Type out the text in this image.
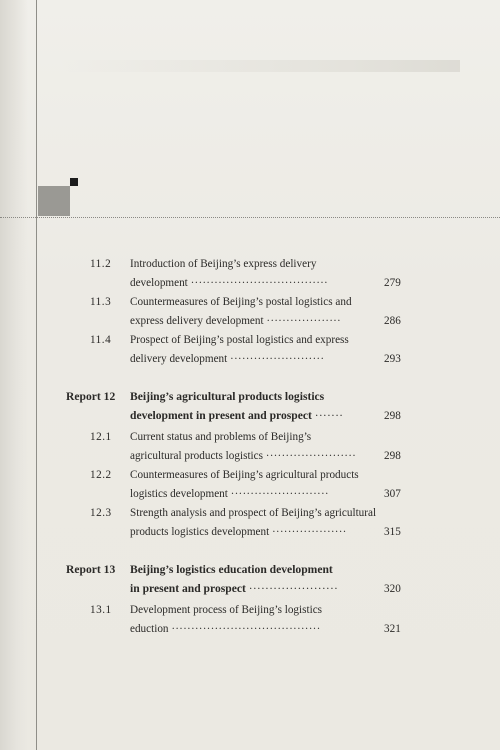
11.2 Introduction of Beijing’s express delivery
development ···································	279
11.3 Countermeasures of Beijing’s postal logistics and
express delivery development ···················	286
11.4 Prospect of Beijing’s postal logistics and express
delivery development ························	293
Report 12 Beijing’s agricultural products logistics
development in present and prospect ·······	298
12.1 Current status and problems of Beijing’s
agricultural products logistics ······················· 298
12.2 Countermeasures of Beijing’s agricultural products
logistics development ·························	307
12.3 Strength analysis and prospect of Beijing’s agricultural
products logistics development ···················	315
Report 13 Beijing’s logistics education development
in present and prospect ······················	320
13.1 Development process of Beijing’s logistics
eduction ······································	321
